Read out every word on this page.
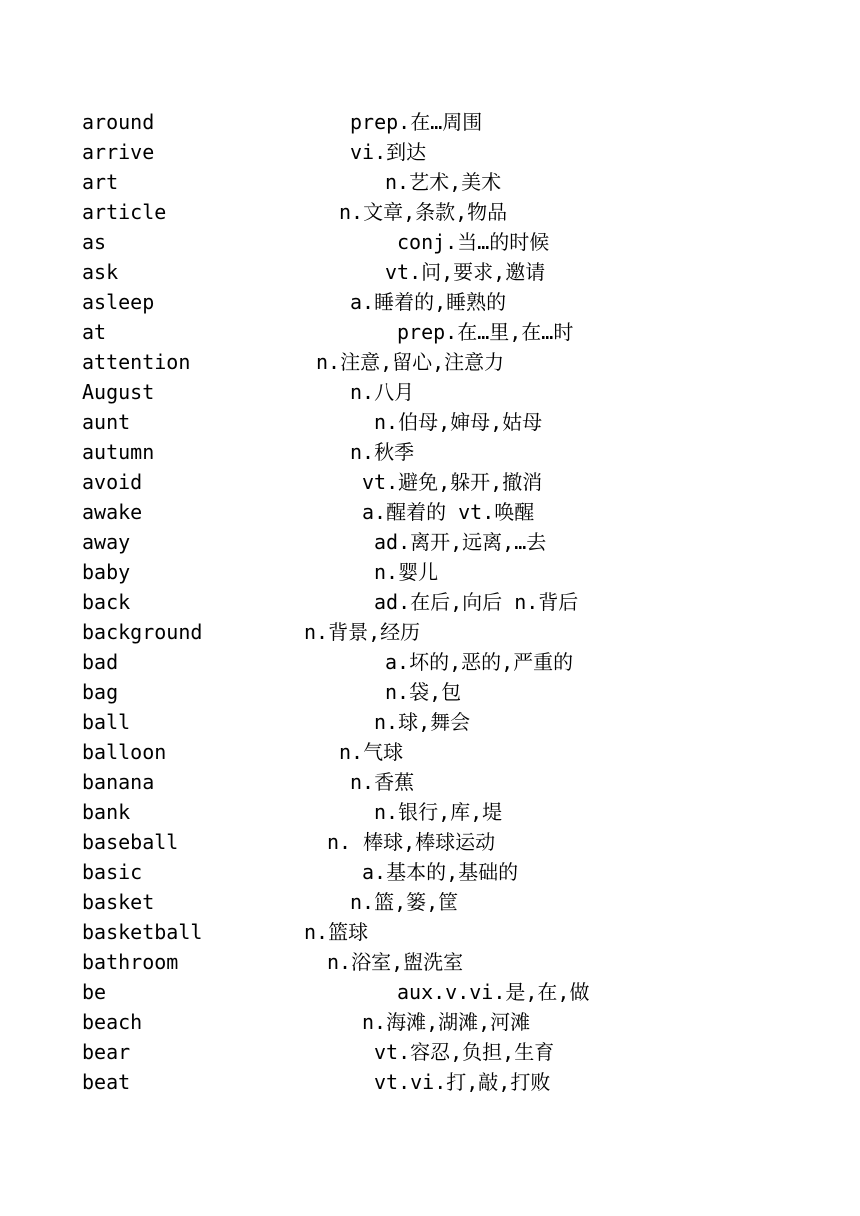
around	prep.在…周围
arrive	vi.到达
art	n.艺术,美术
article	n.文章,条款,物品
as	conj.当…的时候
ask	vt.问,要求,邀请
asleep	a.睡着的,睡熟的
at	prep.在…里,在…时
attention	n.注意,留心,注意力
August	n.八月
aunt	n.伯母,婶母,姑母
autumn	n.秋季
avoid	vt.避免,躲开,撤消
awake	a.醒着的 vt.唤醒
away	ad.离开,远离,…去
baby	n.婴儿
back	ad.在后,向后 n.背后
background	n.背景,经历
bad	a.坏的,恶的,严重的
bag	n.袋,包
ball	n.球,舞会
balloon	n.气球
banana	n.香蕉
bank	n.银行,库,堤
baseball	n. 棒球,棒球运动
basic	a.基本的,基础的
basket	n.篮,篓,筐
basketball	n.篮球
bathroom	n.浴室,盥洗室
be	aux.v.vi.是,在,做
beach	n.海滩,湖滩,河滩
bear	vt.容忍,负担,生育
beat	vt.vi.打,敲,打败
